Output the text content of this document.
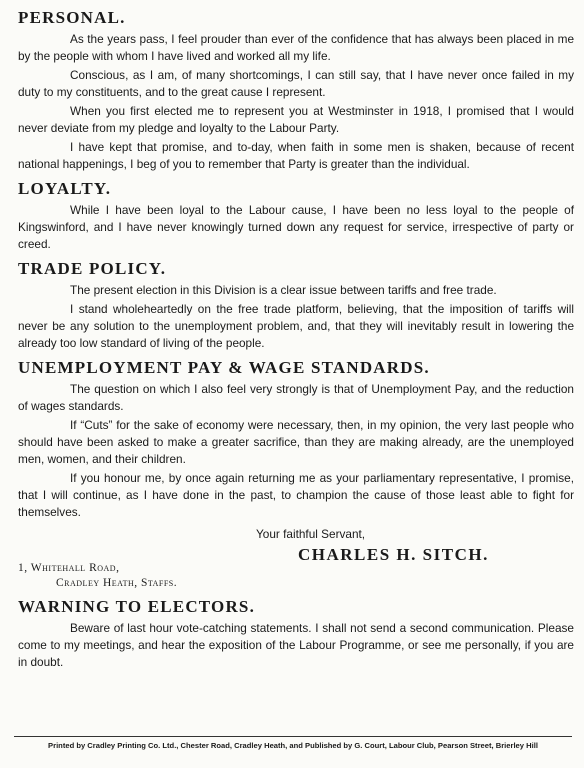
PERSONAL.

As the years pass, I feel prouder than ever of the confidence that has always been placed in me by the people with whom I have lived and worked all my life.

Conscious, as I am, of many shortcomings, I can still say, that I have never once failed in my duty to my constituents, and to the great cause I represent.

When you first elected me to represent you at Westminster in 1918, I promised that I would never deviate from my pledge and loyalty to the Labour Party.

I have kept that promise, and to-day, when faith in some men is shaken, because of recent national happenings, I beg of you to remember that Party is greater than the individual.

LOYALTY.

While I have been loyal to the Labour cause, I have been no less loyal to the people of Kingswinford, and I have never knowingly turned down any request for service, irrespective of party or creed.

TRADE POLICY.

The present election in this Division is a clear issue between tariffs and free trade.

I stand wholeheartedly on the free trade platform, believing, that the imposition of tariffs will never be any solution to the unemployment problem, and, that they will inevitably result in lowering the already too low standard of living of the people.

UNEMPLOYMENT PAY & WAGE STANDARDS.

The question on which I also feel very strongly is that of Unemployment Pay, and the reduction of wages standards.

If “Cuts” for the sake of economy were necessary, then, in my opinion, the very last people who should have been asked to make a greater sacrifice, than they are making already, are the unemployed men, women, and their children.

If you honour me, by once again returning me as your parliamentary representative, I promise, that I will continue, as I have done in the past, to champion the cause of those least able to fight for themselves.

Your faithful Servant,
CHARLES H. SITCH.
1, Whitehall Road,
Cradley Heath, Staffs.
WARNING TO ELECTORS.

Beware of last hour vote-catching statements. I shall not send a second communication. Please come to my meetings, and hear the exposition of the Labour Programme, or see me personally, if you are in doubt.

Printed by Cradley Printing Co. Ltd., Chester Road, Cradley Heath, and Published by G. Court, Labour Club, Pearson Street, Brierley Hill
